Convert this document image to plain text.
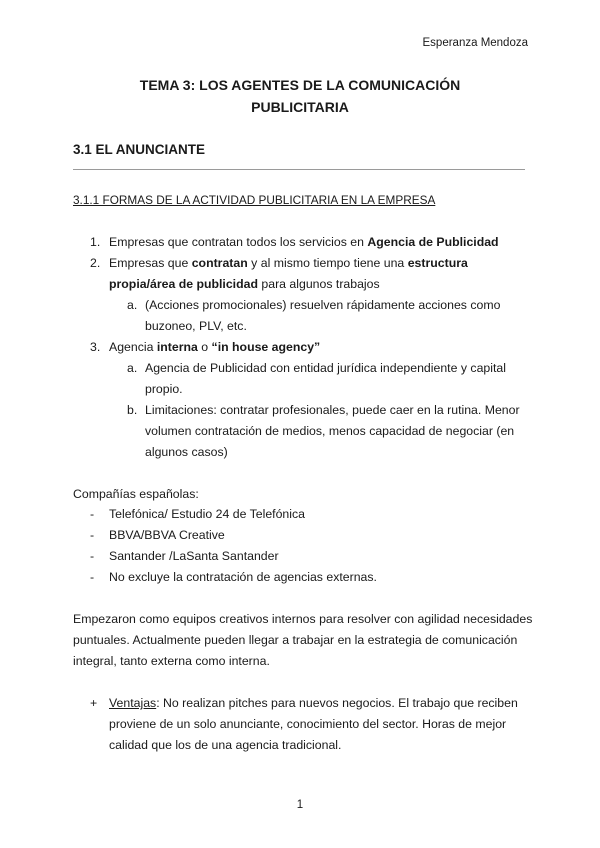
Esperanza Mendoza
TEMA 3: LOS AGENTES DE LA COMUNICACIÓN
PUBLICITARIA
3.1 EL ANUNCIANTE
3.1.1 FORMAS DE LA ACTIVIDAD PUBLICITARIA EN LA EMPRESA
1. Empresas que contratan todos los servicios en Agencia de Publicidad
2. Empresas que contratan y al mismo tiempo tiene una estructura
propia/área de publicidad para algunos trabajos
a. (Acciones promocionales) resuelven rápidamente acciones como
buzoneo, PLV, etc.
3. Agencia interna o “in house agency”
a. Agencia de Publicidad con entidad jurídica independiente y capital
propio.
b. Limitaciones: contratar profesionales, puede caer en la rutina. Menor
volumen contratación de medios, menos capacidad de negociar (en
algunos casos)
Compañías españolas:
- Telefónica/ Estudio 24 de Telefónica
- BBVA/BBVA Creative
- Santander /LaSanta Santander
- No excluye la contratación de agencias externas.
Empezaron como equipos creativos internos para resolver con agilidad necesidades
puntuales. Actualmente pueden llegar a trabajar en la estrategia de comunicación
integral, tanto externa como interna.
+ Ventajas: No realizan pitches para nuevos negocios. El trabajo que reciben
proviene de un solo anunciante, conocimiento del sector. Horas de mejor
calidad que los de una agencia tradicional.
1
